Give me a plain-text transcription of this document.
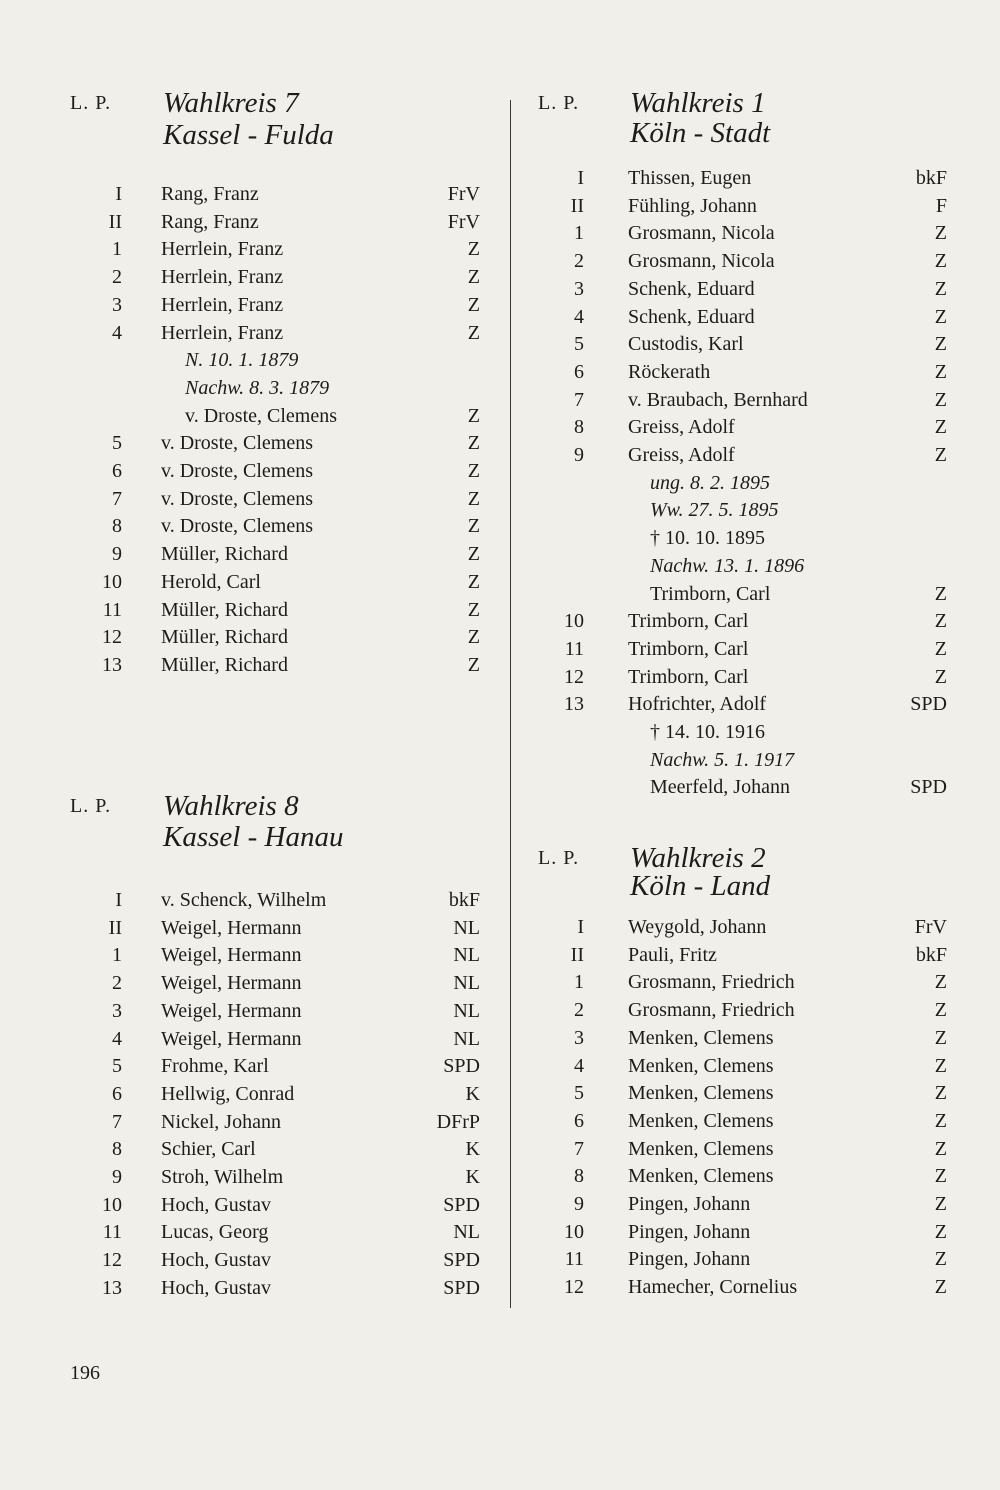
L. P. Wahlkreis 7
Kassel - Fulda
I Rang, Franz	FrV
II Rang, Franz	FrV
1 Herrlein, Franz	Z
2 Herrlein, Franz	Z
3 Herrlein, Franz	Z
4 Herrlein, Franz	Z
N. 10. 1. 1879
Nachw. 8. 3. 1879
v. Droste, Clemens	Z
5 v. Droste, Clemens	Z
6 v. Droste, Clemens	Z
7 v. Droste, Clemens	Z
8 v. Droste, Clemens	Z
9 Müller, Richard	Z
10 Herold, Carl	Z
11 Müller, Richard	Z
12 Müller, Richard	Z
13 Müller, Richard	Z
L. P. Wahlkreis 8
Kassel - Hanau
I v. Schenck, Wilhelm	bkF
II Weigel, Hermann	NL
1 Weigel, Hermann	NL
2 Weigel, Hermann	NL
3 Weigel, Hermann	NL
4 Weigel, Hermann	NL
5 Frohme, Karl	SPD
6 Hellwig, Conrad	K
7 Nickel, Johann	DFrP
8 Schier, Carl	K
9 Stroh, Wilhelm	K
10 Hoch, Gustav	SPD
11 Lucas, Georg	NL
12 Hoch, Gustav	SPD
13 Hoch, Gustav	SPD
L. P. Wahlkreis 1
Köln - Stadt
I Thissen, Eugen	bkF
II Fühling, Johann	F
1 Grosmann, Nicola	Z
2 Grosmann, Nicola	Z
3 Schenk, Eduard	Z
4 Schenk, Eduard	Z
5 Custodis, Karl	Z
6 Röckerath	Z
7 v. Braubach, Bernhard	Z
8 Greiss, Adolf	Z
9 Greiss, Adolf	Z
ung. 8. 2. 1895
Ww. 27. 5. 1895
† 10. 10. 1895
Nachw. 13. 1. 1896
Trimborn, Carl	Z
10 Trimborn, Carl	Z
11 Trimborn, Carl	Z
12 Trimborn, Carl	Z
13 Hofrichter, Adolf	SPD
† 14. 10. 1916
Nachw. 5. 1. 1917
Meerfeld, Johann	SPD
L. P. Wahlkreis 2
Köln - Land
I Weygold, Johann	FrV
II Pauli, Fritz	bkF
1 Grosmann, Friedrich	Z
2 Grosmann, Friedrich	Z
3 Menken, Clemens	Z
4 Menken, Clemens	Z
5 Menken, Clemens	Z
6 Menken, Clemens	Z
7 Menken, Clemens	Z
8 Menken, Clemens	Z
9 Pingen, Johann	Z
10 Pingen, Johann	Z
11 Pingen, Johann	Z
12 Hamecher, Cornelius	Z
196
